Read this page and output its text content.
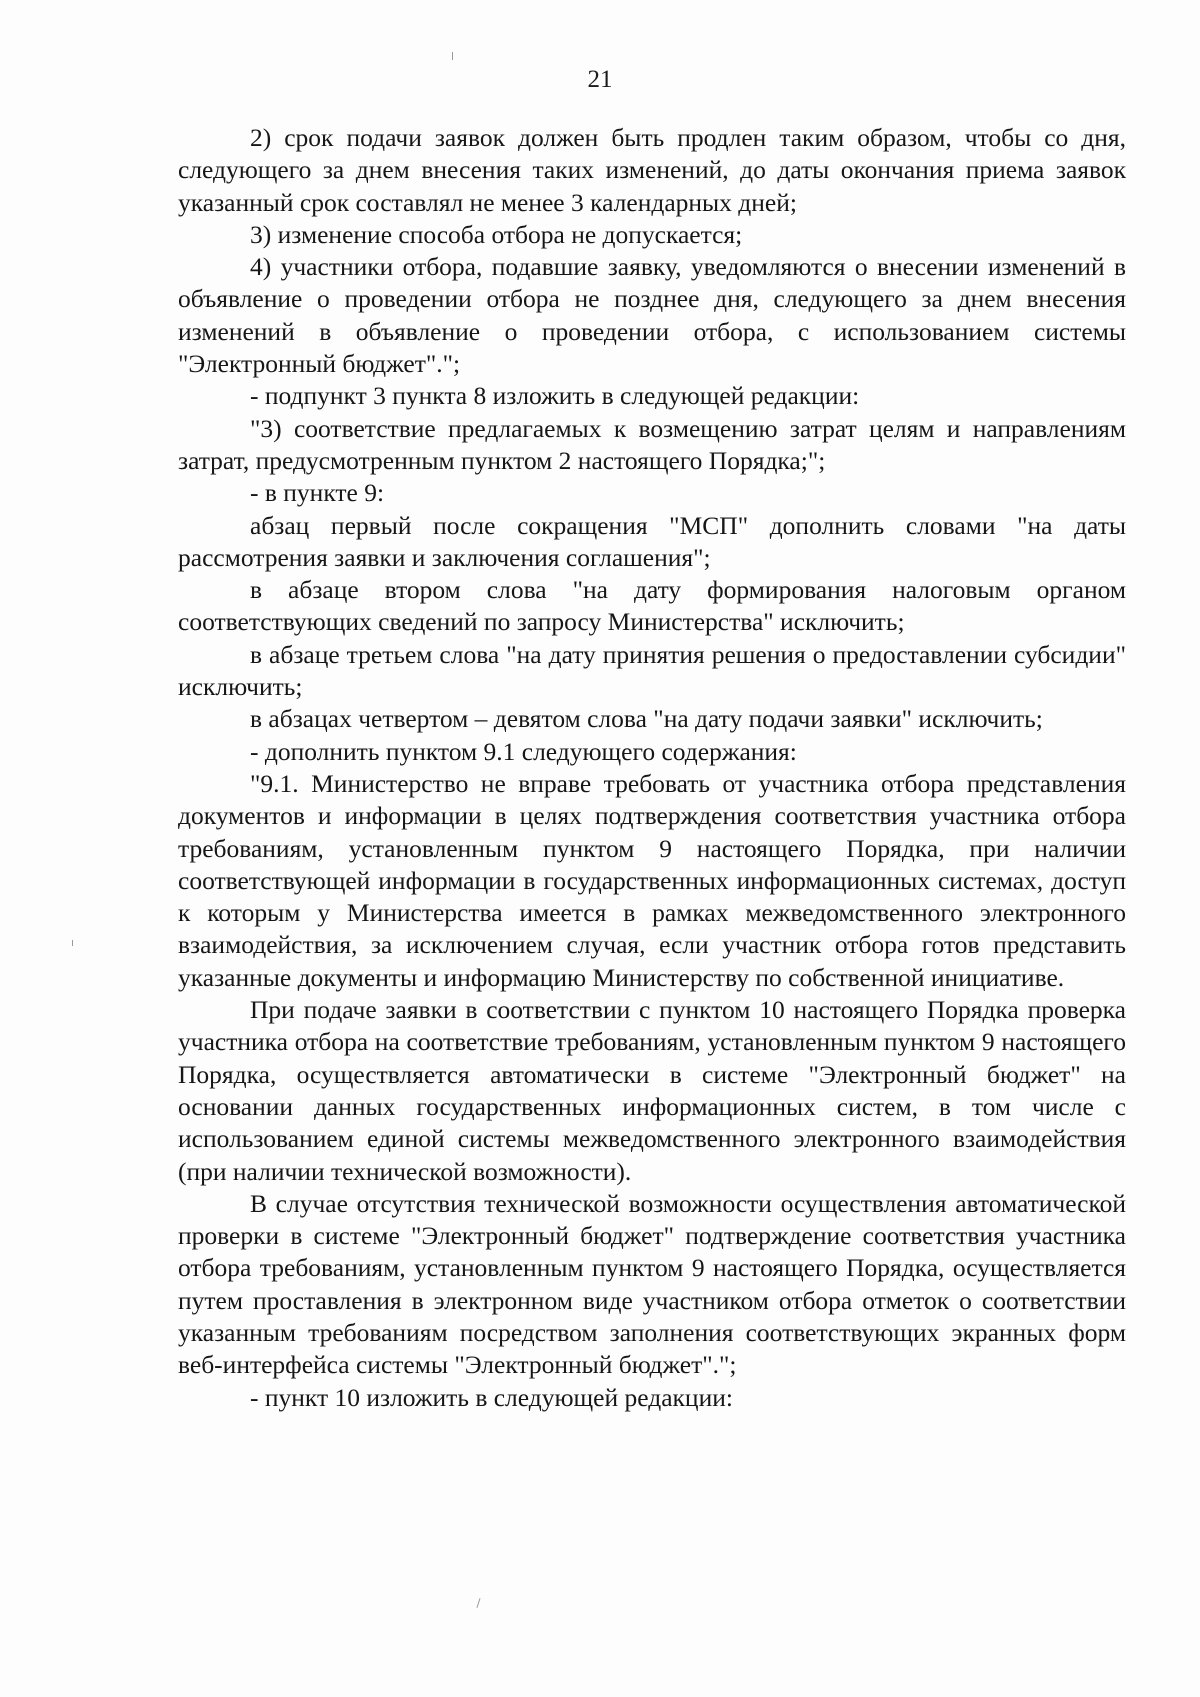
21

2) срок подачи заявок должен быть продлен таким образом, чтобы со дня, следующего за днем внесения таких изменений, до даты окончания приема заявок указанный срок составлял не менее 3 календарных дней;

3) изменение способа отбора не допускается;

4) участники отбора, подавшие заявку, уведомляются о внесении изменений в объявление о проведении отбора не позднее дня, следующего за днем внесения изменений в объявление о проведении отбора, с использованием системы "Электронный бюджет".";

- подпункт 3 пункта 8 изложить в следующей редакции:

"3) соответствие предлагаемых к возмещению затрат целям и направлениям затрат, предусмотренным пунктом 2 настоящего Порядка;";

- в пункте 9:

абзац первый после сокращения "МСП" дополнить словами "на даты рассмотрения заявки и заключения соглашения";

в абзаце втором слова "на дату формирования налоговым органом соответствующих сведений по запросу Министерства" исключить;

в абзаце третьем слова "на дату принятия решения о предоставлении субсидии" исключить;

в абзацах четвертом – девятом слова "на дату подачи заявки" исключить;

- дополнить пунктом 9.1 следующего содержания:

"9.1. Министерство не вправе требовать от участника отбора представления документов и информации в целях подтверждения соответствия участника отбора требованиям, установленным пунктом 9 настоящего Порядка, при наличии соответствующей информации в государственных информационных системах, доступ к которым у Министерства имеется в рамках межведомственного электронного взаимодействия, за исключением случая, если участник отбора готов представить указанные документы и информацию Министерству по собственной инициативе.

При подаче заявки в соответствии с пунктом 10 настоящего Порядка проверка участника отбора на соответствие требованиям, установленным пунктом 9 настоящего Порядка, осуществляется автоматически в системе "Электронный бюджет" на основании данных государственных информационных систем, в том числе с использованием единой системы межведомственного электронного взаимодействия (при наличии технической возможности).

В случае отсутствия технической возможности осуществления автоматической проверки в системе "Электронный бюджет" подтверждение соответствия участника отбора требованиям, установленным пунктом 9 настоящего Порядка, осуществляется путем проставления в электронном виде участником отбора отметок о соответствии указанным требованиям посредством заполнения соответствующих экранных форм веб-интерфейса системы "Электронный бюджет".";

- пункт 10 изложить в следующей редакции:
